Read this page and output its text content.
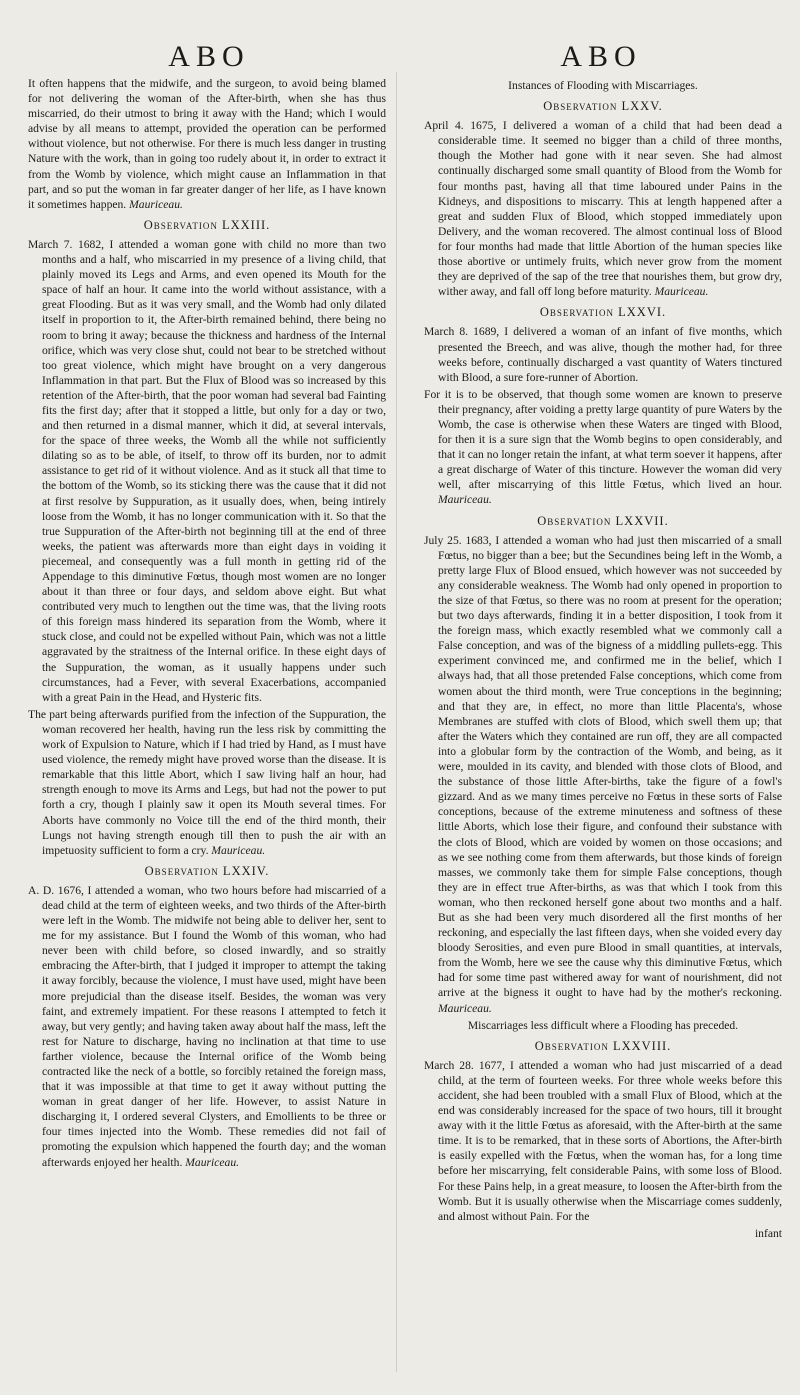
ABO	ABO

It often happens that the midwife, and the surgeon, to avoid being blamed for not delivering the woman of the After-birth, when she has thus miscarried, do their utmost to bring it away with the Hand; which I would advise by all means to attempt, provided the operation can be performed without violence, but not otherwise. For there is much less danger in trusting Nature with the work, than in going too rudely about it, in order to extract it from the Womb by violence, which might cause an Inflammation in that part, and so put the woman in far greater danger of her life, as I have known it sometimes happen. Mauriceau.

Observation LXXIII.

March 7. 1682, I attended a woman gone with child no more than two months and a half, who miscarried in my presence of a living child, that plainly moved its Legs and Arms, and even opened its Mouth for the space of half an hour. It came into the world without assistance, with a great Flooding. But as it was very small, and the Womb had only dilated itself in proportion to it, the After-birth remained behind, there being no room to bring it away; because the thickness and hardness of the Internal orifice, which was very close shut, could not bear to be stretched without too great violence, which might have brought on a very dangerous Inflammation in that part. But the Flux of Blood was so increased by this retention of the After-birth, that the poor woman had several bad Fainting fits the first day; after that it stopped a little, but only for a day or two, and then returned in a dismal manner, which it did, at several intervals, for the space of three weeks, the Womb all the while not sufficiently dilating so as to be able, of itself, to throw off its burden, nor to admit assistance to get rid of it without violence. And as it stuck all that time to the bottom of the Womb, so its sticking there was the cause that it did not at first resolve by Suppuration, as it usually does, when, being intirely loose from the Womb, it has no longer communication with it. So that the true Suppuration of the After-birth not beginning till at the end of three weeks, the patient was afterwards more than eight days in voiding it piecemeal, and consequently was a full month in getting rid of the Appendage to this diminutive Fœtus, though most women are no longer about it than three or four days, and seldom above eight. But what contributed very much to lengthen out the time was, that the living roots of this foreign mass hindered its separation from the Womb, where it stuck close, and could not be expelled without Pain, which was not a little aggravated by the straitness of the Internal orifice. In these eight days of the Suppuration, the woman, as it usually happens under such circumstances, had a Fever, with several Exacerbations, accompanied with a great Pain in the Head, and Hysteric fits.

The part being afterwards purified from the infection of the Suppuration, the woman recovered her health, having run the less risk by committing the work of Expulsion to Nature, which if I had tried by Hand, as I must have used violence, the remedy might have proved worse than the disease. It is remarkable that this little Abort, which I saw living half an hour, had strength enough to move its Arms and Legs, but had not the power to put forth a cry, though I plainly saw it open its Mouth several times. For Aborts have commonly no Voice till the end of the third month, their Lungs not having strength enough till then to push the air with an impetuosity sufficient to form a cry. Mauriceau.

Observation LXXIV.

A. D. 1676, I attended a woman, who two hours before had miscarried of a dead child at the term of eighteen weeks, and two thirds of the After-birth were left in the Womb. The midwife not being able to deliver her, sent to me for my assistance. But I found the Womb of this woman, who had never been with child before, so closed inwardly, and so straitly embracing the After-birth, that I judged it improper to attempt the taking it away forcibly, because the violence, I must have used, might have been more prejudicial than the disease itself. Besides, the woman was very faint, and extremely impatient. For these reasons I attempted to fetch it away, but very gently; and having taken away about half the mass, left the rest for Nature to discharge, having no inclination at that time to use farther violence, because the Internal orifice of the Womb being contracted like the neck of a bottle, so forcibly retained the foreign mass, that it was impossible at that time to get it away without putting the woman in great danger of her life. However, to assist Nature in discharging it, I ordered several Clysters, and Emollients to be three or four times injected into the Womb. These remedies did not fail of promoting the expulsion which happened the fourth day; and the woman afterwards enjoyed her health. Mauriceau.

Instances of Flooding with Miscarriages.
Observation LXXV.

April 4. 1675, I delivered a woman of a child that had been dead a considerable time. It seemed no bigger than a child of three months, though the Mother had gone with it near seven. She had almost continually discharged some small quantity of Blood from the Womb for four months past, having all that time laboured under Pains in the Kidneys, and dispositions to miscarry. This at length happened after a great and sudden Flux of Blood, which stopped immediately upon Delivery, and the woman recovered. The almost continual loss of Blood for four months had made that little Abortion of the human species like those abortive or untimely fruits, which never grow from the moment they are deprived of the sap of the tree that nourishes them, but grow dry, wither away, and fall off long before maturity. Mauriceau.

Observation LXXVI.

March 8. 1689, I delivered a woman of an infant of five months, which presented the Breech, and was alive, though the mother had, for three weeks before, continually discharged a vast quantity of Waters tinctured with Blood, a sure fore-runner of Abortion.

For it is to be observed, that though some women are known to preserve their pregnancy, after voiding a pretty large quantity of pure Waters by the Womb, the case is otherwise when these Waters are tinged with Blood, for then it is a sure sign that the Womb begins to open considerably, and that it can no longer retain the infant, at what term soever it happens, after a great discharge of Water of this tincture. However the woman did very well, after miscarrying of this little Fœtus, which lived an hour. Mauriceau.

Observation LXXVII.

July 25. 1683, I attended a woman who had just then miscarried of a small Fœtus, no bigger than a bee; but the Secundines being left in the Womb, a pretty large Flux of Blood ensued, which however was not succeeded by any considerable weakness. The Womb had only opened in proportion to the size of that Fœtus, so there was no room at present for the operation; but two days afterwards, finding it in a better disposition, I took from it the foreign mass, which exactly resembled what we commonly call a False conception, and was of the bigness of a middling pullets-egg. This experiment convinced me, and confirmed me in the belief, which I always had, that all those pretended False conceptions, which come from women about the third month, were True conceptions in the beginning; and that they are, in effect, no more than little Placenta's, whose Membranes are stuffed with clots of Blood, which swell them up; that after the Waters which they contained are run off, they are all compacted into a globular form by the contraction of the Womb, and being, as it were, moulded in its cavity, and blended with those clots of Blood, and the substance of those little After-births, take the figure of a fowl's gizzard. And as we many times perceive no Fœtus in these sorts of False conceptions, because of the extreme minuteness and softness of these little Aborts, which lose their figure, and confound their substance with the clots of Blood, which are voided by women on those occasions; and as we see nothing come from them afterwards, but those kinds of foreign masses, we commonly take them for simple False conceptions, though they are in effect true After-births, as was that which I took from this woman, who then reckoned herself gone about two months and a half. But as she had been very much disordered all the first months of her reckoning, and especially the last fifteen days, when she voided every day bloody Serosities, and even pure Blood in small quantities, at intervals, from the Womb, here we see the cause why this diminutive Fœtus, which had for some time past withered away for want of nourishment, did not arrive at the bigness it ought to have had by the mother's reckoning. Mauriceau.

Miscarriages less difficult where a Flooding has preceded.
Observation LXXVIII.

March 28. 1677, I attended a woman who had just miscarried of a dead child, at the term of fourteen weeks. For three whole weeks before this accident, she had been troubled with a small Flux of Blood, which at the end was considerably increased for the space of two hours, till it brought away with it the little Fœtus as aforesaid, with the After-birth at the same time. It is to be remarked, that in these sorts of Abortions, the After-birth is easily expelled with the Fœtus, when the woman has, for a long time before her miscarrying, felt considerable Pains, with some loss of Blood. For these Pains help, in a great measure, to loosen the After-birth from the Womb. But it is usually otherwise when the Miscarriage comes suddenly, and almost without Pain. For the

infant
